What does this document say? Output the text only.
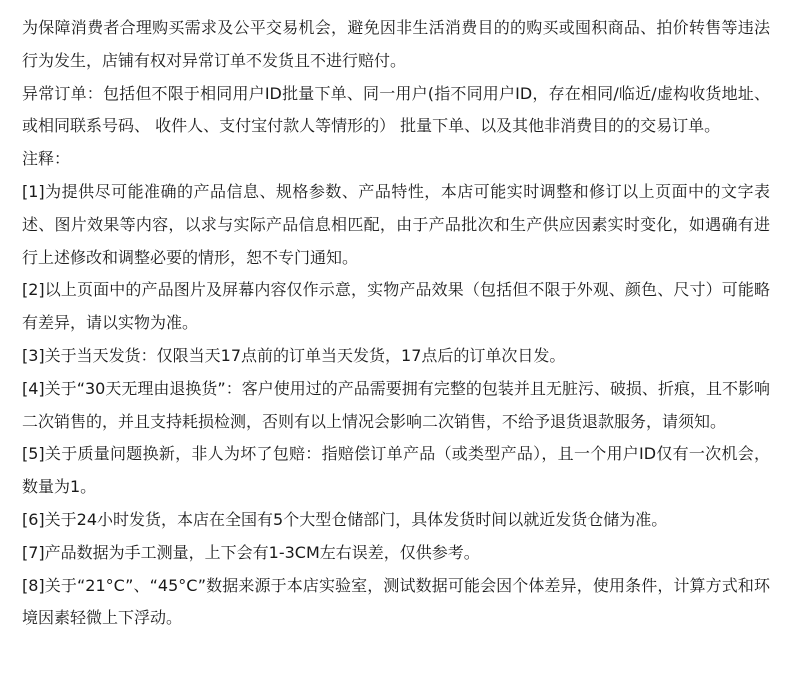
为保障消费者合理购买需求及公平交易机会，避免因非生活消费目的的购买或囤积商品、拍价转售等违法行为发生，店铺有权对异常订单不发货且不进行赔付。

异常订单：包括但不限于相同用户ID批量下单、同一用户(指不同用户ID，存在相同/临近/虚构收货地址、或相同联系号码、 收件人、支付宝付款人等情形的） 批量下单、以及其他非消费目的的交易订单。

注释：

[1]为提供尽可能准确的产品信息、规格参数、产品特性，本店可能实时调整和修订以上页面中的文字表述、图片效果等内容，以求与实际产品信息相匹配，由于产品批次和生产供应因素实时变化，如遇确有进行上述修改和调整必要的情形，恕不专门通知。

[2]以上页面中的产品图片及屏幕内容仅作示意，实物产品效果（包括但不限于外观、颜色、尺寸）可能略有差异，请以实物为准。

[3]关于当天发货：仅限当天17点前的订单当天发货，17点后的订单次日发。

[4]关于“30天无理由退换货”：客户使用过的产品需要拥有完整的包装并且无脏污、破损、折痕，且不影响二次销售的，并且支持耗损检测，否则有以上情况会影响二次销售，不给予退货退款服务，请须知。

[5]关于质量问题换新，非人为坏了包赔：指赔偿订单产品（或类型产品），且一个用户ID仅有一次机会，数量为1。

[6]关于24小时发货，本店在全国有5个大型仓储部门，具体发货时间以就近发货仓储为准。

[7]产品数据为手工测量，上下会有1-3CM左右误差，仅供参考。

[8]关于“21°C”、“45°C”数据来源于本店实验室，测试数据可能会因个体差异，使用条件，计算方式和环境因素轻微上下浮动。
